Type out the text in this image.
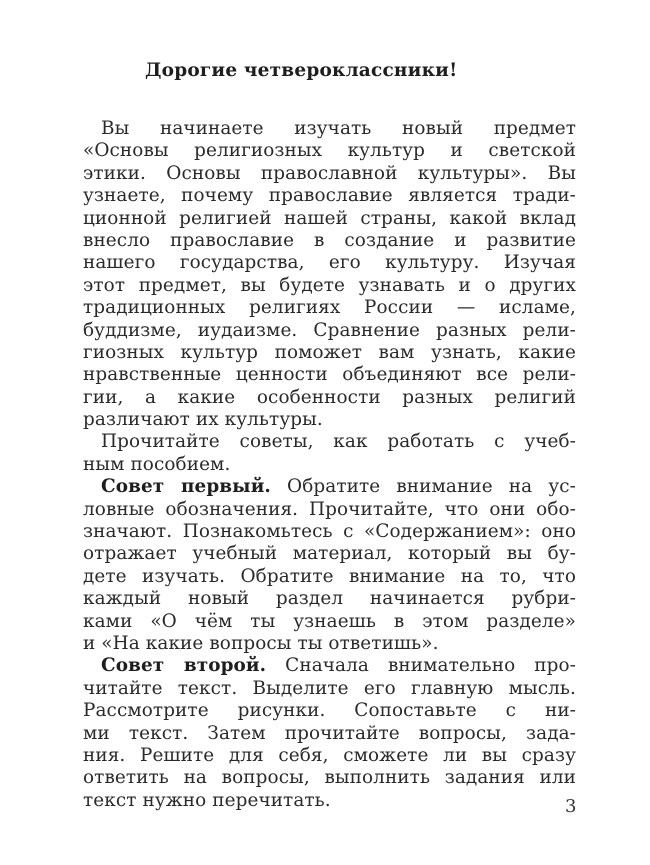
Дорогие четвероклассники!
Вы начинаете изучать новый предмет
«Основы религиозных культур и светской
этики. Основы православной культуры». Вы
узнаете, почему православие является тради-
ционной религией нашей страны, какой вклад
внесло православие в создание и развитие
нашего государства, его культуру. Изучая
этот предмет, вы будете узнавать и о других
традиционных религиях России — исламе,
буддизме, иудаизме. Сравнение разных рели-
гиозных культур поможет вам узнать, какие
нравственные ценности объединяют все рели-
гии, а какие особенности разных религий
различают их культуры.
Прочитайте советы, как работать с учеб-
ным пособием.
Совет первый. Обратите внимание на ус-
ловные обозначения. Прочитайте, что они обо-
значают. Познакомьтесь с «Содержанием»: оно
отражает учебный материал, который вы бу-
дете изучать. Обратите внимание на то, что
каждый новый раздел начинается рубри-
ками «О чём ты узнаешь в этом разделе»
и «На какие вопросы ты ответишь».
Совет второй. Сначала внимательно про-
читайте текст. Выделите его главную мысль.
Рассмотрите рисунки. Сопоставьте с ни-
ми текст. Затем прочитайте вопросы, зада-
ния. Решите для себя, сможете ли вы сразу
ответить на вопросы, выполнить задания или
текст нужно перечитать.	3
